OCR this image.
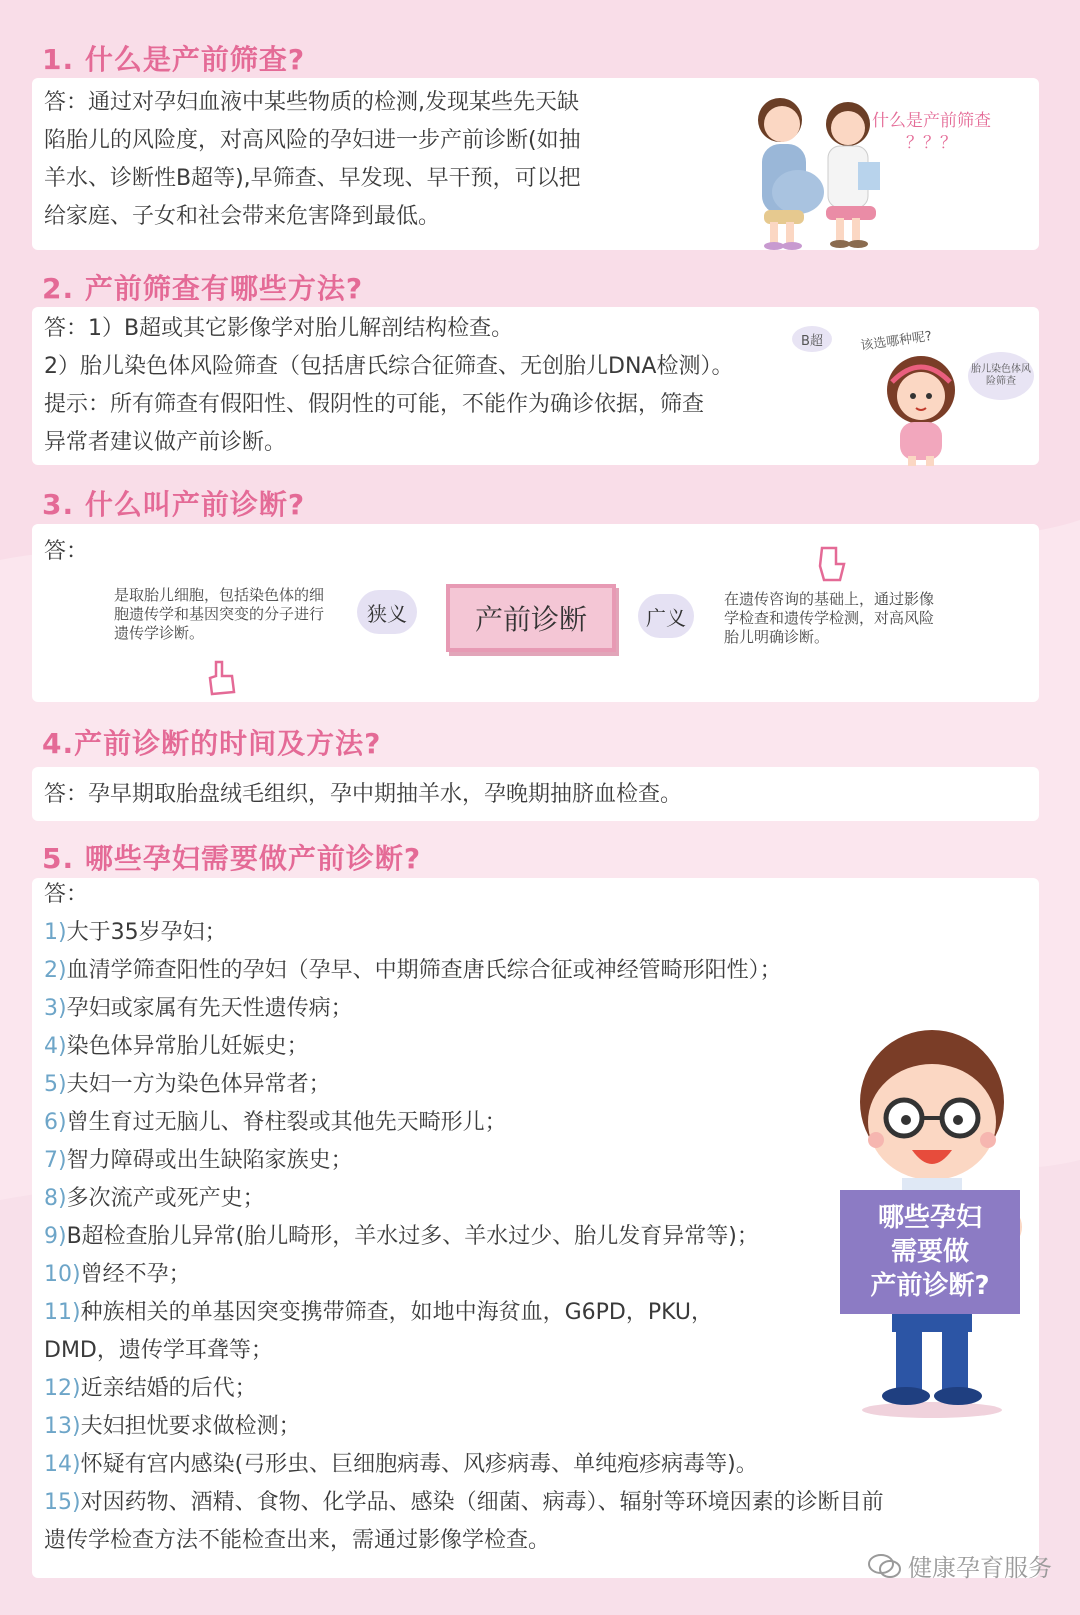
1. 什么是产前筛查?

答：通过对孕妇血液中某些物质的检测,发现某些先天缺

陷胎儿的风险度，对高风险的孕妇进一步产前诊断(如抽

羊水、诊断性B超等),早筛查、早发现、早干预，可以把

给家庭、子女和社会带来危害降到最低。

什么是产前筛查
？？？
2. 产前筛查有哪些方法?

答：1）B超或其它影像学对胎儿解剖结构检查。

2）胎儿染色体风险筛查（包括唐氏综合征筛查、无创胎儿DNA检测）。

提示：所有筛查有假阳性、假阴性的可能，不能作为确诊依据，筛查

异常者建议做产前诊断。

B超	该选哪种呢?
胎儿染色体风险筛查
3. 什么叫产前诊断?
答：
是取胎儿细胞，包括染色体的细胞遗传学和基因突变的分子进行遗传学诊断。
狭义	产前诊断	广义
在遗传咨询的基础上，通过影像学检查和遗传学检测，对高风险胎儿明确诊断。
4.产前诊断的时间及方法?

答：孕早期取胎盘绒毛组织，孕中期抽羊水，孕晚期抽脐血检查。

5. 哪些孕妇需要做产前诊断?
答：

1)大于35岁孕妇；

2)血清学筛查阳性的孕妇（孕早、中期筛查唐氏综合征或神经管畸形阳性）；

3)孕妇或家属有先天性遗传病；

4)染色体异常胎儿妊娠史；

5)夫妇一方为染色体异常者；

6)曾生育过无脑儿、脊柱裂或其他先天畸形儿；

7)智力障碍或出生缺陷家族史；

8)多次流产或死产史；

9)B超检查胎儿异常(胎儿畸形，羊水过多、羊水过少、胎儿发育异常等)；

10)曾经不孕；

11)种族相关的单基因突变携带筛查，如地中海贫血，G6PD，PKU，

DMD，遗传学耳聋等；

12)近亲结婚的后代；

13)夫妇担忧要求做检测；

14)怀疑有宫内感染(弓形虫、巨细胞病毒、风疹病毒、单纯疱疹病毒等)。

15)对因药物、酒精、食物、化学品、感染（细菌、病毒）、辐射等环境因素的诊断目前

遗传学检查方法不能检查出来，需通过影像学检查。

哪些孕妇
需要做
产前诊断?
健康孕育服务
